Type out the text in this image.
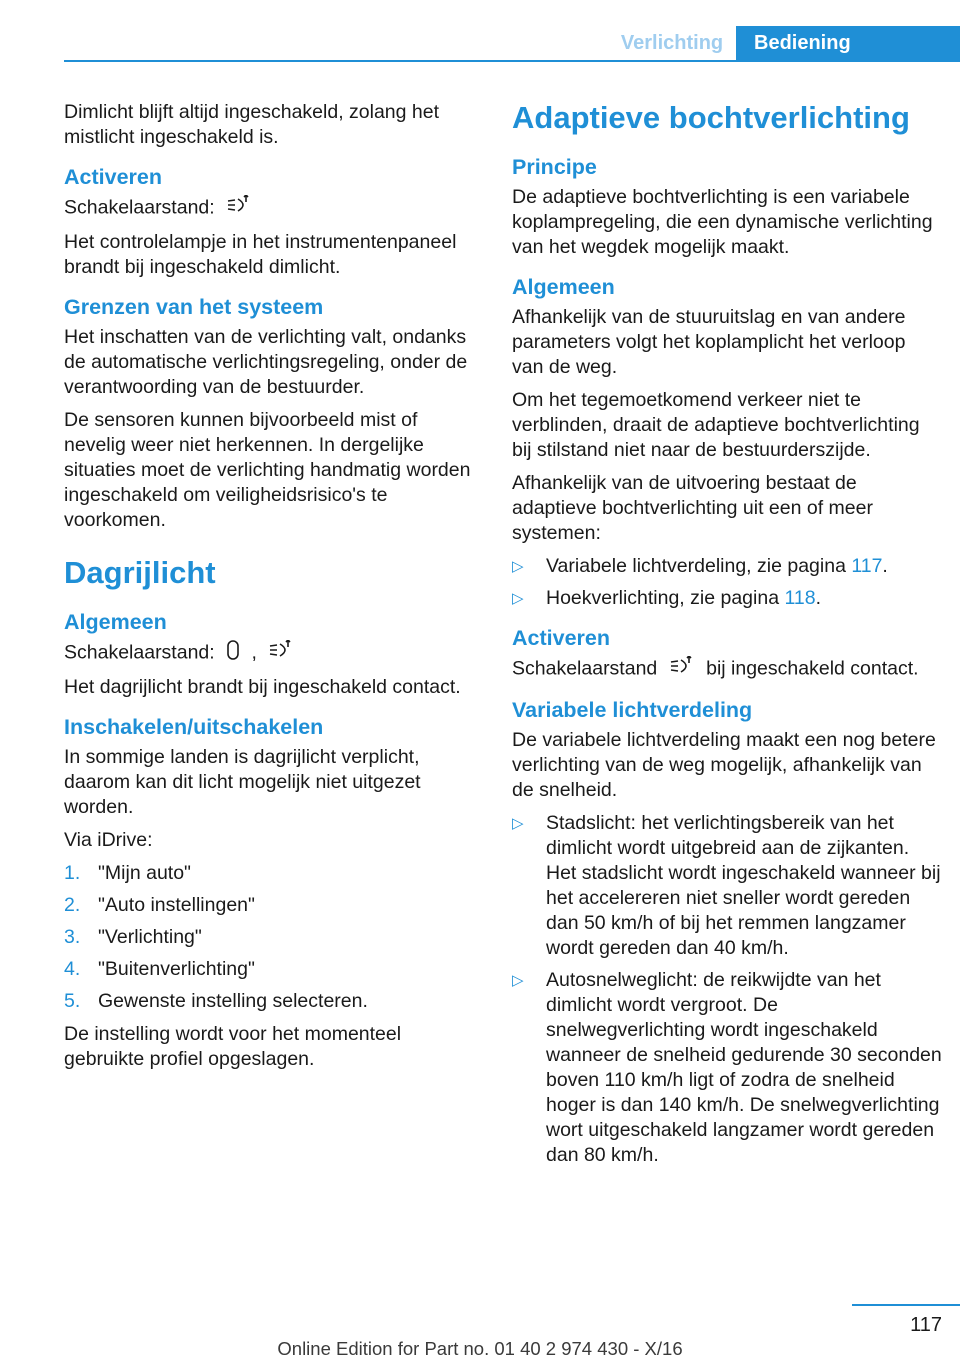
Verlichting	Bediening

Dimlicht blijft altijd ingeschakeld, zolang het mistlicht ingeschakeld is.

Activeren

Schakelaarstand:

Het controlelampje in het instrumentenpaneel brandt bij ingeschakeld dimlicht.

Grenzen van het systeem

Het inschatten van de verlichting valt, ondanks de automatische verlichtingsregeling, onder de verantwoording van de bestuurder.

De sensoren kunnen bijvoorbeeld mist of nevelig weer niet herkennen. In dergelijke situaties moet de verlichting handmatig worden ingeschakeld om veiligheidsrisico's te voorkomen.

Dagrijlicht
Algemeen

Schakelaarstand: ,

Het dagrijlicht brandt bij ingeschakeld contact.

Inschakelen/uitschakelen

In sommige landen is dagrijlicht verplicht, daarom kan dit licht mogelijk niet uitgezet worden.

Via iDrive:

1. "Mijn auto"
2. "Auto instellingen"
3. "Verlichting"
4. "Buitenverlichting"
5. Gewenste instelling selecteren.

De instelling wordt voor het momenteel gebruikte profiel opgeslagen.

Adaptieve bochtverlichting
Principe

De adaptieve bochtverlichting is een variabele koplampregeling, die een dynamische verlichting van het wegdek mogelijk maakt.

Algemeen

Afhankelijk van de stuuruitslag en van andere parameters volgt het koplamplicht het verloop van de weg.

Om het tegemoetkomend verkeer niet te verblinden, draait de adaptieve bochtverlichting bij stilstand niet naar de bestuurderszijde.

Afhankelijk van de uitvoering bestaat de adaptieve bochtverlichting uit een of meer systemen:

▷	Variabele lichtverdeling, zie pagina 117.
▷	Hoekverlichting, zie pagina 118.
Activeren

Schakelaarstand	bij ingeschakeld contact.

Variabele lichtverdeling

De variabele lichtverdeling maakt een nog betere verlichting van de weg mogelijk, afhankelijk van de snelheid.

▷	Stadslicht: het verlichtingsbereik van het dimlicht wordt uitgebreid aan de zijkanten. Het stadslicht wordt ingeschakeld wanneer bij het accelereren niet sneller wordt gereden dan 50 km/h of bij het remmen langzamer wordt gereden dan 40 km/h.
▷	Autosnelweglicht: de reikwijdte van het dimlicht wordt vergroot. De snelwegverlichting wordt ingeschakeld wanneer de snelheid gedurende 30 seconden boven 110 km/h ligt of zodra de snelheid hoger is dan 140 km/h. De snelwegverlichting wort uitgeschakeld langzamer wordt gereden dan 80 km/h.
117
Online Edition for Part no. 01 40 2 974 430 - X/16
